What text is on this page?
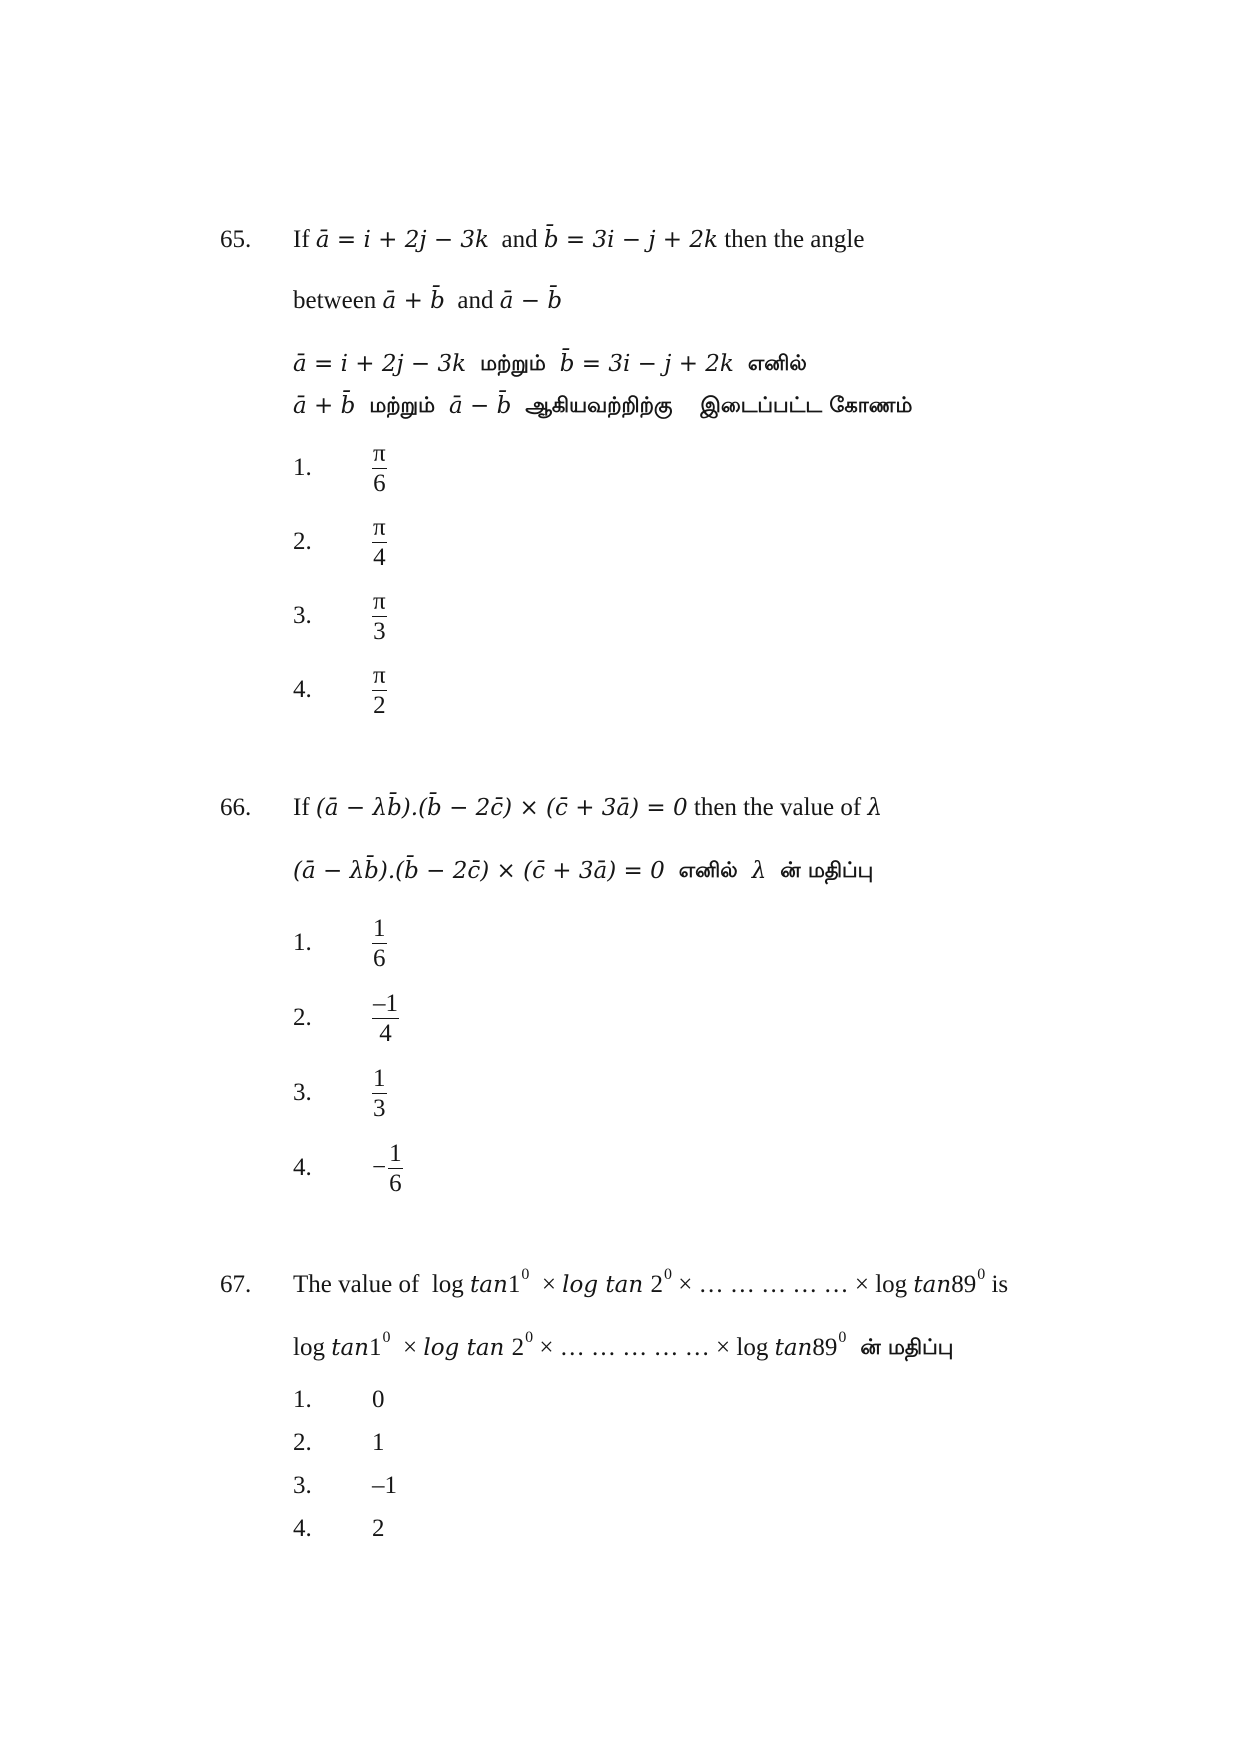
65. If ā = i + 2j − 3k and b̄ = 3i − j + 2k then the angle
between ā + b̄ and ā − b̄
ā = i + 2j − 3k மற்றும் b̄ = 3i − j + 2k எனில்
ā + b̄ மற்றும் ā − b̄ ஆகியவற்றிற்கு இடைப்பட்ட கோணம்
1.	$\frac{\pi}{6}$
2.	$\frac{\pi}{4}$
3.	$\frac{\pi}{3}$
4.	$\frac{\pi}{2}$
66. If (ā − λb̄).(b̄ − 2c̄) × (c̄ + 3ā) = 0 then the value of λ
(ā − λb̄).(b̄ − 2c̄) × (c̄ + 3ā) = 0 எனில் λ ன் மதிப்பு
1.	$\frac{1}{6}$
2.	$\frac{-1}{4}$
3.	$\frac{1}{3}$
4.	− $\frac{1}{6}$
67. The value of  $\log \tan 1^0 \times \log \tan 2^0$ × … … … … … × $\log \tan 89^0$ is
$\log \tan 1^0 \times \log \tan 2^0$ × … … … … … × $\log \tan 89^0$ ன் மதிப்பு
1.	0
2.	1
3.	–1
4.	2
